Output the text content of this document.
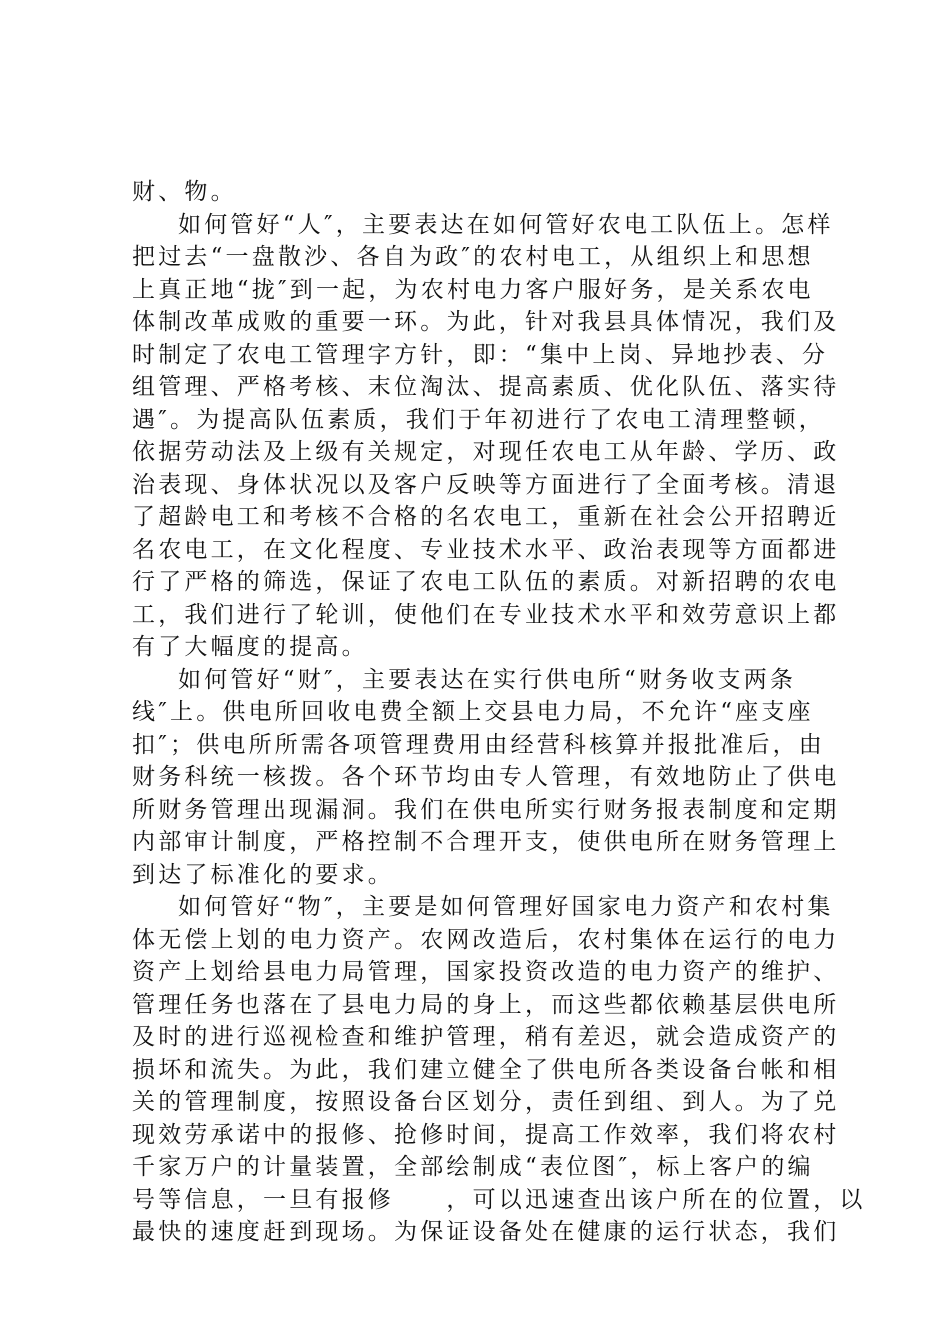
财、物。
如何管好“人″，主要表达在如何管好农电工队伍上。怎样
把过去“一盘散沙、各自为政″的农村电工，从组织上和思想
上真正地“拢″到一起，为农村电力客户服好务，是关系农电
体制改革成败的重要一环。为此，针对我县具体情况，我们及
时制定了农电工管理字方针，即：“集中上岗、异地抄表、分
组管理、严格考核、末位淘汰、提高素质、优化队伍、落实待
遇″。为提高队伍素质，我们于年初进行了农电工清理整顿，
依据劳动法及上级有关规定，对现任农电工从年龄、学历、政
治表现、身体状况以及客户反映等方面进行了全面考核。清退
了超龄电工和考核不合格的名农电工，重新在社会公开招聘近
名农电工，在文化程度、专业技术水平、政治表现等方面都进
行了严格的筛选，保证了农电工队伍的素质。对新招聘的农电
工，我们进行了轮训，使他们在专业技术水平和效劳意识上都
有了大幅度的提高。
如何管好“财″，主要表达在实行供电所“财务收支两条
线″上。供电所回收电费全额上交县电力局，不允许“座支座
扣″；供电所所需各项管理费用由经营科核算并报批准后，由
财务科统一核拨。各个环节均由专人管理，有效地防止了供电
所财务管理出现漏洞。我们在供电所实行财务报表制度和定期
内部审计制度，严格控制不合理开支，使供电所在财务管理上
到达了标准化的要求。
如何管好“物″，主要是如何管理好国家电力资产和农村集
体无偿上划的电力资产。农网改造后，农村集体在运行的电力
资产上划给县电力局管理，国家投资改造的电力资产的维护、
管理任务也落在了县电力局的身上，而这些都依赖基层供电所
及时的进行巡视检查和维护管理，稍有差迟，就会造成资产的
损坏和流失。为此，我们建立健全了供电所各类设备台帐和相
关的管理制度，按照设备台区划分，责任到组、到人。为了兑
现效劳承诺中的报修、抢修时间，提高工作效率，我们将农村
千家万户的计量装置，全部绘制成“表位图″，标上客户的编
号等信息，一旦有报修　　，可以迅速查出该户所在的位置，以
最快的速度赶到现场。为保证设备处在健康的运行状态，我们
